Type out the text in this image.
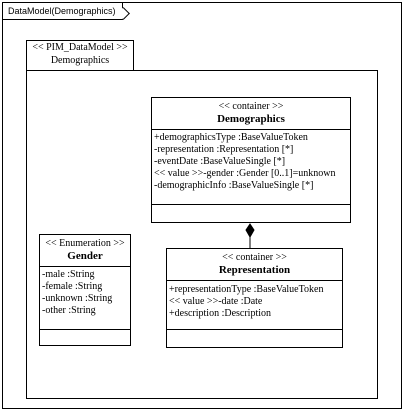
DataModel(Demographics)
<< PIM_DataModel >>
Demographics
<< container >>
Demographics
+demographicsType :BaseValueToken
-representation :Representation [*]
-eventDate :BaseValueSingle [*]
<< value >>-gender :Gender [0..1]=unknown
-demographicInfo :BaseValueSingle [*]
<< Enumeration >>
Gender
-male :String
-female :String
-unknown :String
-other :String
<< container >>
Representation
+representationType :BaseValueToken
<< value >>-date :Date
+description :Description
